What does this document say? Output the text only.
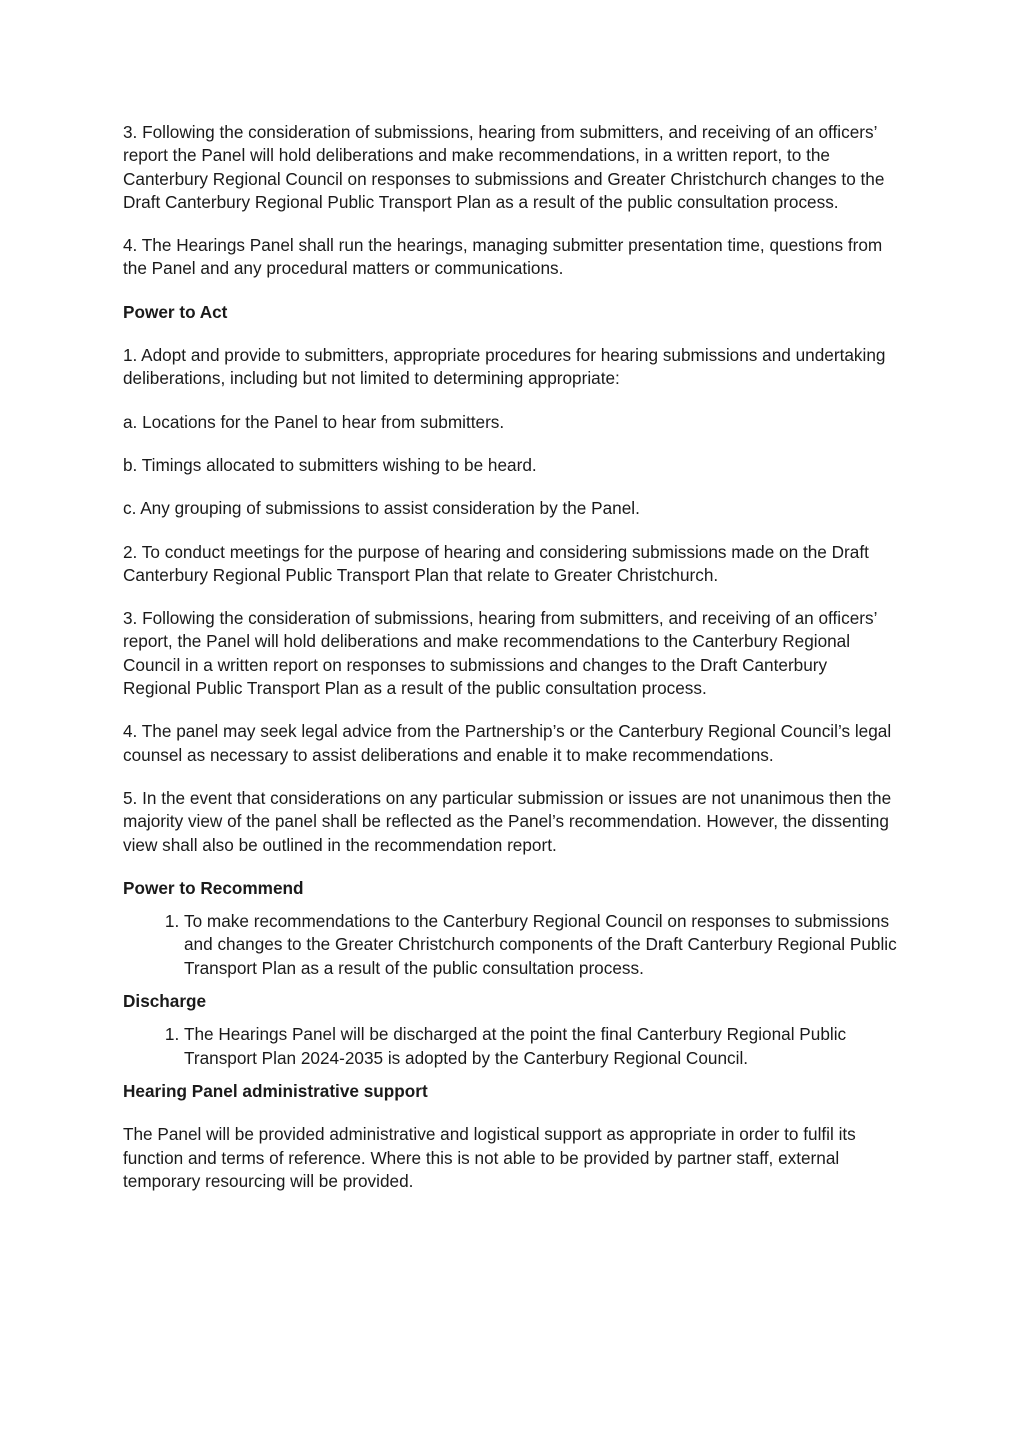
3. Following the consideration of submissions, hearing from submitters, and receiving of an officers’ report the Panel will hold deliberations and make recommendations, in a written report, to the Canterbury Regional Council on responses to submissions and Greater Christchurch changes to the Draft Canterbury Regional Public Transport Plan as a result of the public consultation process.

4. The Hearings Panel shall run the hearings, managing submitter presentation time, questions from the Panel and any procedural matters or communications.

Power to Act

1. Adopt and provide to submitters, appropriate procedures for hearing submissions and undertaking deliberations, including but not limited to determining appropriate:

a. Locations for the Panel to hear from submitters.

b. Timings allocated to submitters wishing to be heard.

c. Any grouping of submissions to assist consideration by the Panel.

2. To conduct meetings for the purpose of hearing and considering submissions made on the Draft Canterbury Regional Public Transport Plan that relate to Greater Christchurch.

3. Following the consideration of submissions, hearing from submitters, and receiving of an officers’ report, the Panel will hold deliberations and make recommendations to the Canterbury Regional Council in a written report on responses to submissions and changes to the Draft Canterbury Regional Public Transport Plan as a result of the public consultation process.

4. The panel may seek legal advice from the Partnership’s or the Canterbury Regional Council’s legal counsel as necessary to assist deliberations and enable it to make recommendations.

5. In the event that considerations on any particular submission or issues are not unanimous then the majority view of the panel shall be reflected as the Panel’s recommendation. However, the dissenting view shall also be outlined in the recommendation report.

Power to Recommend
1. To make recommendations to the Canterbury Regional Council on responses to submissions and changes to the Greater Christchurch components of the Draft Canterbury Regional Public Transport Plan as a result of the public consultation process.
Discharge
1. The Hearings Panel will be discharged at the point the final Canterbury Regional Public Transport Plan 2024-2035 is adopted by the Canterbury Regional Council.
Hearing Panel administrative support

The Panel will be provided administrative and logistical support as appropriate in order to fulfil its function and terms of reference. Where this is not able to be provided by partner staff, external temporary resourcing will be provided.
